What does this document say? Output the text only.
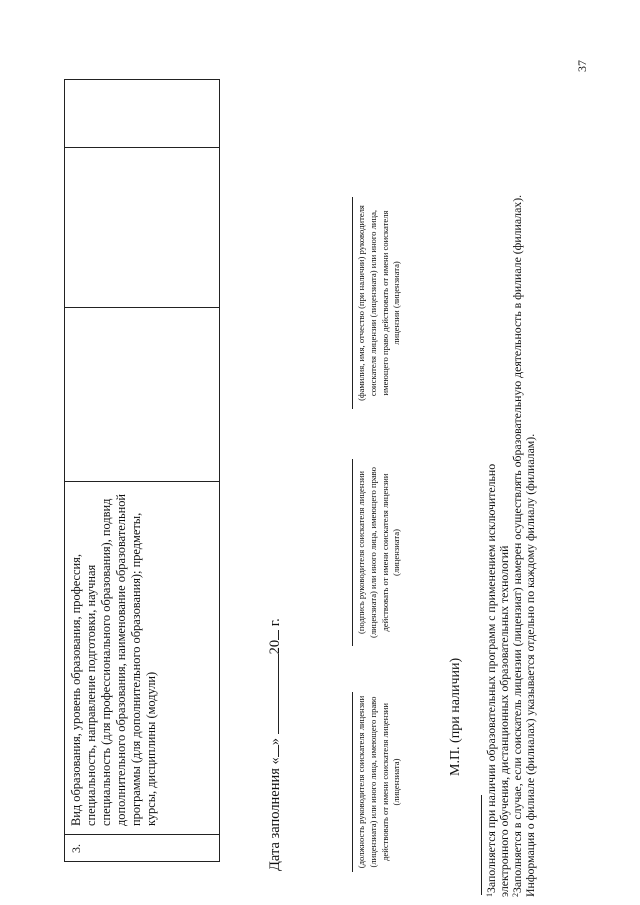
3.	Вид образования, уровень образования, профессия, специальность, направление подготовки, научная специальность (для профессионального образования), подвид дополнительного образования, наименование образовательной программы (для дополнительного образования); предметы, курсы, дисциплины (модули)				Дата заполнения «» 20 г.
(должность руководителя соискателя лицензии (лицензиата) или иного лица, имеющего право действовать от имени соискателя лицензии (лицензиата)
(подпись руководителя соискателя лицензии (лицензиата) или иного лица, имеющего право действовать от имени соискателя лицензии (лицензиата)
(фамилия, имя, отчество (при наличии) руководителя соискателя лицензии (лицензиата) или иного лица, имеющего право действовать от имени соискателя лицензии (лицензиата)
М.П. (при наличии)
$^1$Заполняется при наличии образовательных программ с применением исключительно электронного обучения, дистанционных образовательных технологий $^2$Заполняется в случае, если соискатель лицензии (лицензиат) намерен осуществлять образовательную деятельность в филиале (филиалах). Информация о филиале (филиалах) указывается отдельно по каждому филиалу (филиалам).
37
